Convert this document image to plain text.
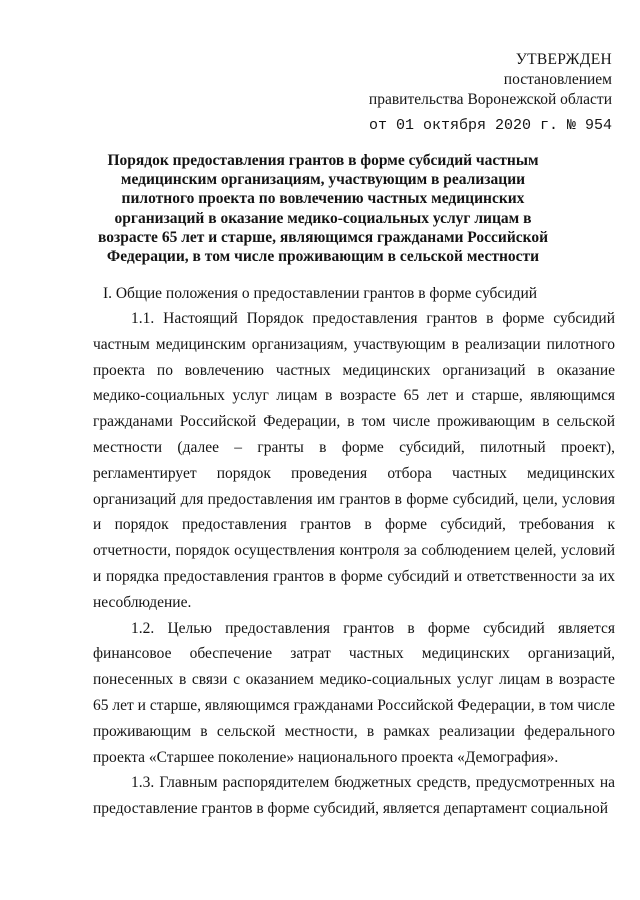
УТВЕРЖДЕН
постановлением
правительства Воронежской области
от 01 октября 2020 г. № 954
Порядок предоставления грантов в форме субсидий частным медицинским организациям, участвующим в реализации пилотного проекта по вовлечению частных медицинских организаций в оказание медико-социальных услуг лицам в возрасте 65 лет и старше, являющимся гражданами Российской Федерации, в том числе проживающим в сельской местности
I. Общие положения о предоставлении грантов в форме субсидий

1.1. Настоящий Порядок предоставления грантов в форме субсидий частным медицинским организациям, участвующим в реализации пилотного проекта по вовлечению частных медицинских организаций в оказание медико-социальных услуг лицам в возрасте 65 лет и старше, являющимся гражданами Российской Федерации, в том числе проживающим в сельской местности (далее – гранты в форме субсидий, пилотный проект), регламентирует порядок проведения отбора частных медицинских организаций для предоставления им грантов в форме субсидий, цели, условия и порядок предоставления грантов в форме субсидий, требования к отчетности, порядок осуществления контроля за соблюдением целей, условий и порядка предоставления грантов в форме субсидий и ответственности за их несоблюдение.

1.2. Целью предоставления грантов в форме субсидий является финансовое обеспечение затрат частных медицинских организаций, понесенных в связи с оказанием медико-социальных услуг лицам в возрасте 65 лет и старше, являющимся гражданами Российской Федерации, в том числе проживающим в сельской местности, в рамках реализации федерального проекта «Старшее поколение» национального проекта «Демография».

1.3. Главным распорядителем бюджетных средств, предусмотренных на предоставление грантов в форме субсидий, является департамент социальной
